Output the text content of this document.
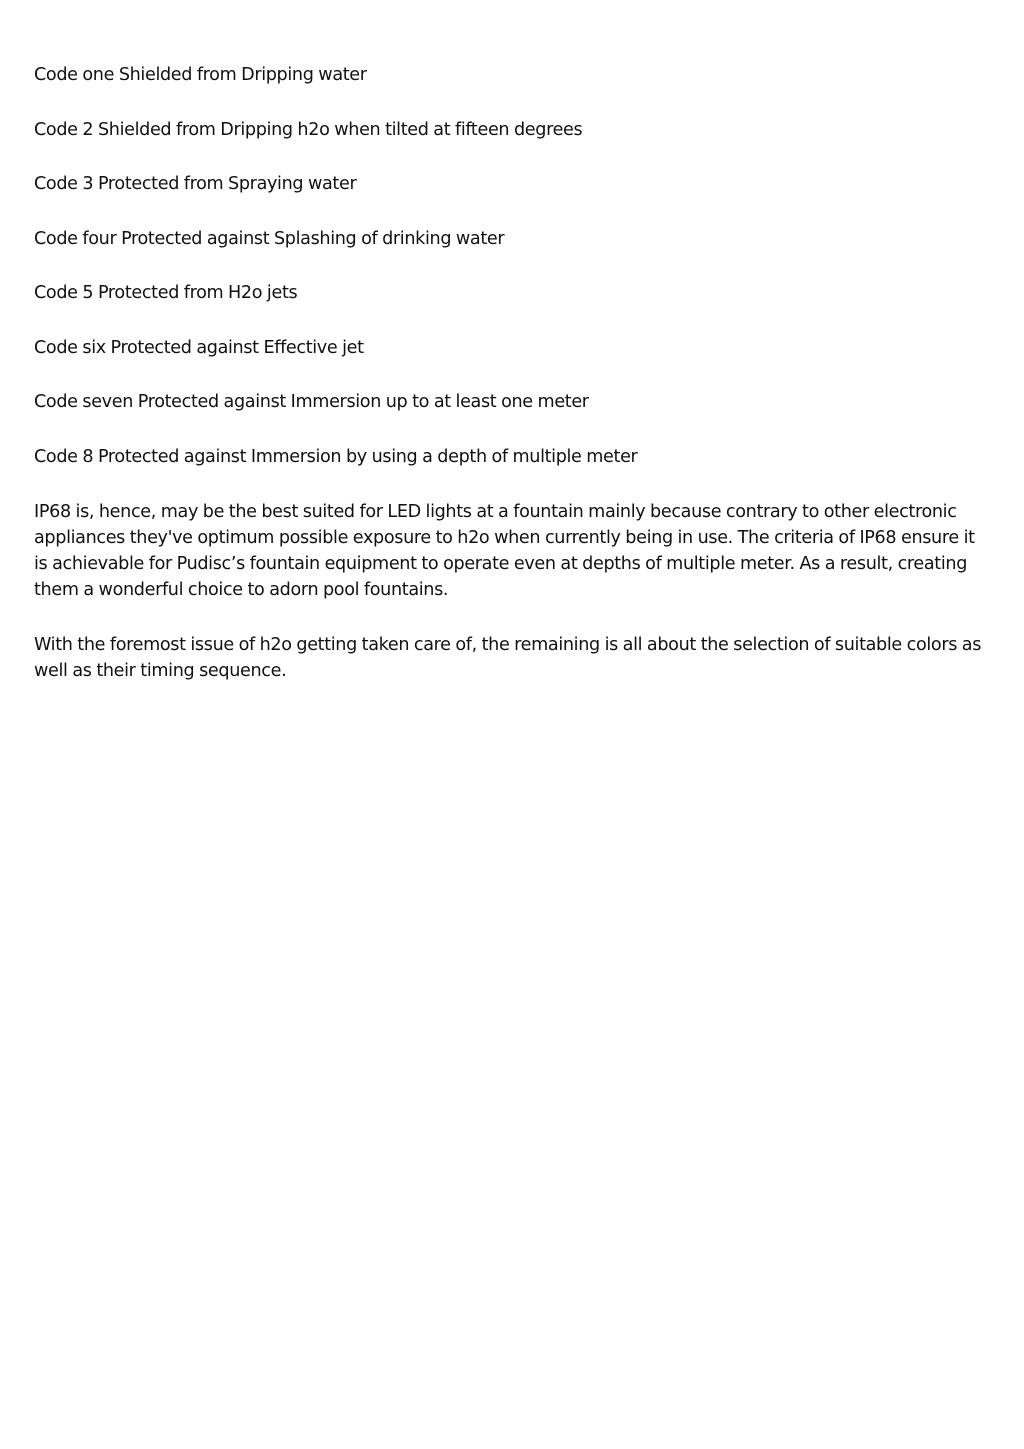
Code one Shielded from Dripping water

Code 2 Shielded from Dripping h2o when tilted at fifteen degrees

Code 3 Protected from Spraying water

Code four Protected against Splashing of drinking water

Code 5 Protected from H2o jets

Code six Protected against Effective jet

Code seven Protected against Immersion up to at least one meter

Code 8 Protected against Immersion by using a depth of multiple meter

IP68 is, hence, may be the best suited for LED lights at a fountain mainly because contrary to other electronic appliances they've optimum possible exposure to h2o when currently being in use. The criteria of IP68 ensure it is achievable for Pudisc’s fountain equipment to operate even at depths of multiple meter. As a result, creating them a wonderful choice to adorn pool fountains.

With the foremost issue of h2o getting taken care of, the remaining is all about the selection of suitable colors as well as their timing sequence.
